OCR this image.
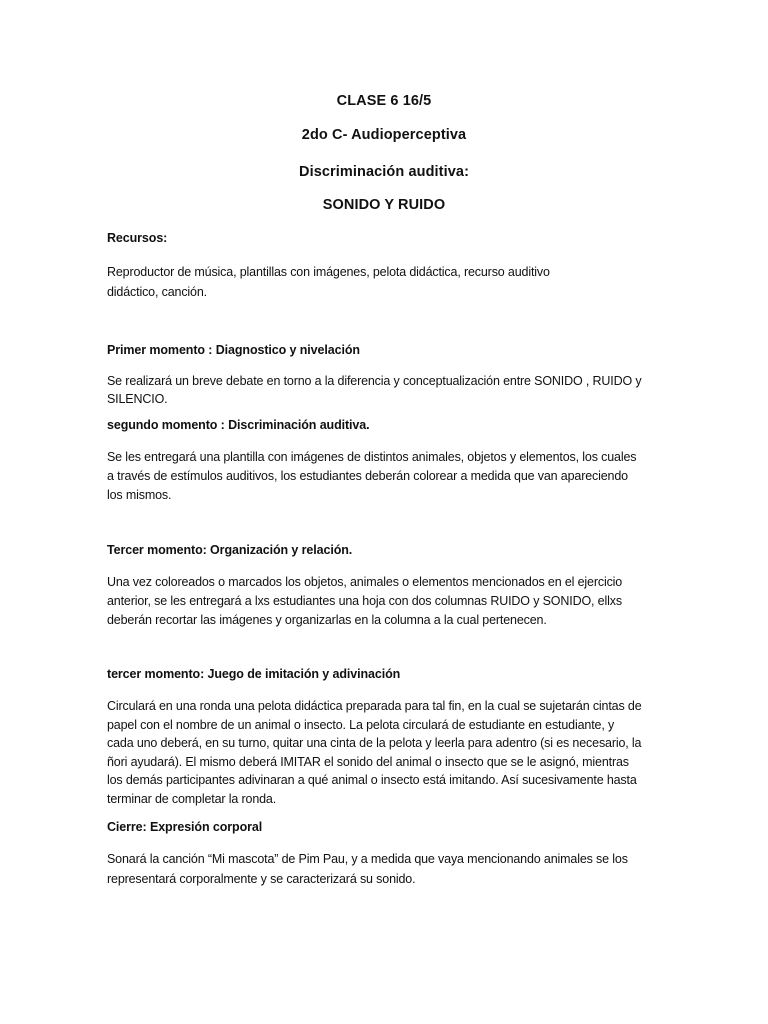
CLASE 6 16/5
2do C- Audioperceptiva
Discriminación auditiva:
SONIDO Y RUIDO
Recursos:
Reproductor de música, plantillas con imágenes, pelota didáctica, recurso auditivo
didáctico, canción.
Primer momento : Diagnostico y nivelación
Se realizará un breve debate en torno a la diferencia y conceptualización entre SONIDO , RUIDO y
SILENCIO.
segundo momento : Discriminación auditiva.
Se les entregará una plantilla con imágenes de distintos animales, objetos y elementos, los cuales
a través de estímulos auditivos, los estudiantes deberán colorear a medida que van apareciendo
los mismos.
Tercer momento: Organización y relación.
Una vez coloreados o marcados los objetos, animales o elementos mencionados en el ejercicio
anterior, se les entregará a lxs estudiantes una hoja con dos columnas RUIDO y SONIDO, ellxs
deberán recortar las imágenes y organizarlas en la columna a la cual pertenecen.
tercer momento: Juego de imitación y adivinación
Circulará en una ronda una pelota didáctica preparada para tal fin, en la cual se sujetarán cintas de
papel con el nombre de un animal o insecto. La pelota circulará de estudiante en estudiante, y
cada uno deberá, en su turno, quitar una cinta de la pelota y leerla para adentro (si es necesario, la
ñori ayudará). El mismo deberá IMITAR el sonido del animal o insecto que se le asignó, mientras
los demás participantes adivinaran a qué animal o insecto está imitando. Así sucesivamente hasta
terminar de completar la ronda.
Cierre: Expresión corporal
Sonará la canción “Mi mascota” de Pim Pau, y a medida que vaya mencionando animales se los
representará corporalmente y se caracterizará su sonido.
